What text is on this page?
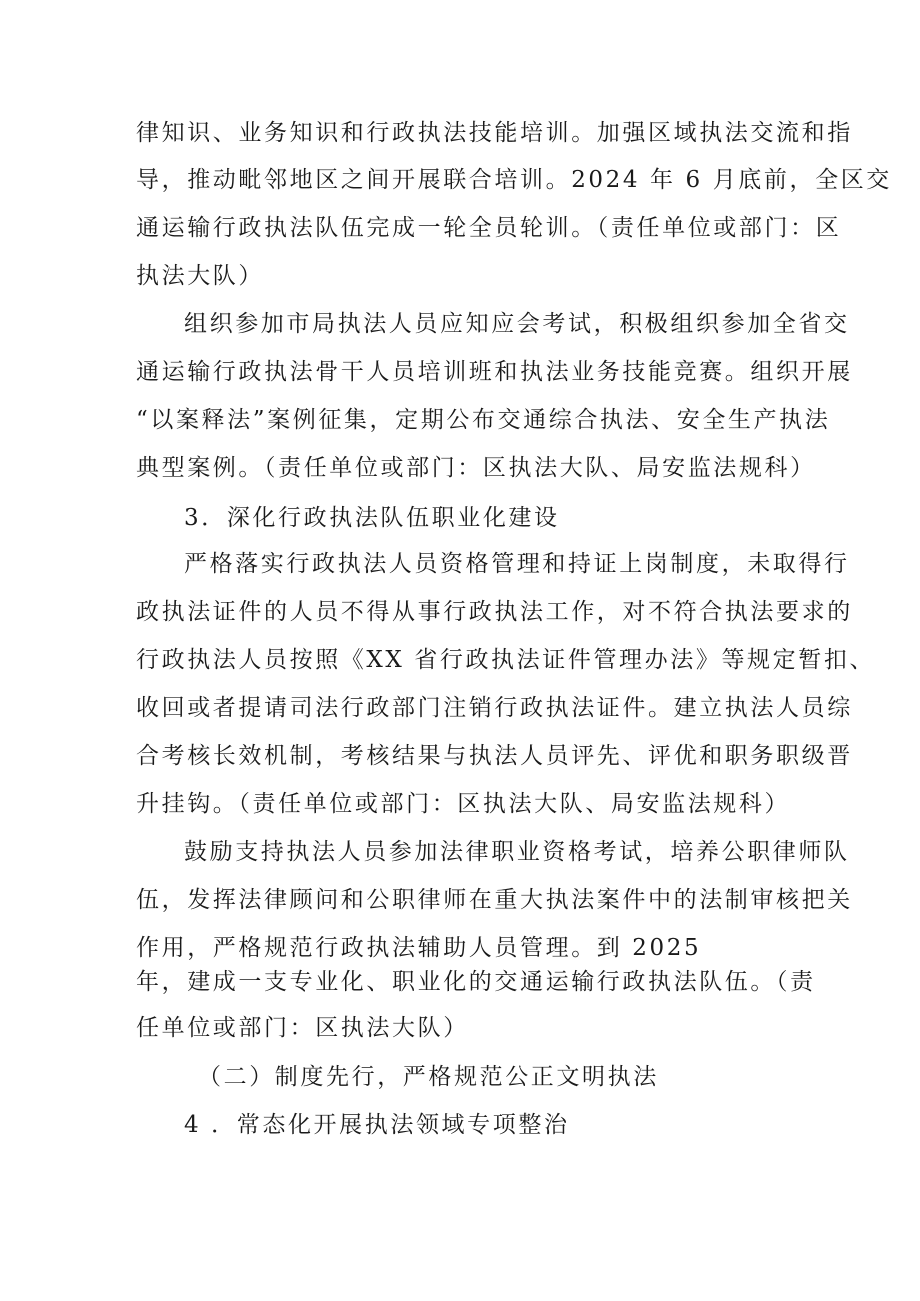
律知识、业务知识和行政执法技能培训。加强区域执法交流和指
导，推动毗邻地区之间开展联合培训。2024 年 6 月底前，全区交
通运输行政执法队伍完成一轮全员轮训。（责任单位或部门：区
执法大队）
组织参加市局执法人员应知应会考试，积极组织参加全省交
通运输行政执法骨干人员培训班和执法业务技能竞赛。组织开展
“以案释法”案例征集，定期公布交通综合执法、安全生产执法
典型案例。（责任单位或部门：区执法大队、局安监法规科）
3．深化行政执法队伍职业化建设
严格落实行政执法人员资格管理和持证上岗制度，未取得行
政执法证件的人员不得从事行政执法工作，对不符合执法要求的
行政执法人员按照《XX 省行政执法证件管理办法》等规定暂扣、
收回或者提请司法行政部门注销行政执法证件。建立执法人员综
合考核长效机制，考核结果与执法人员评先、评优和职务职级晋
升挂钩。（责任单位或部门：区执法大队、局安监法规科）
鼓励支持执法人员参加法律职业资格考试，培养公职律师队
伍，发挥法律顾问和公职律师在重大执法案件中的法制审核把关
作用，严格规范行政执法辅助人员管理。到 2025
年，建成一支专业化、职业化的交通运输行政执法队伍。（责
任单位或部门：区执法大队）
（二）制度先行，严格规范公正文明执法
4 ．常态化开展执法领域专项整治
